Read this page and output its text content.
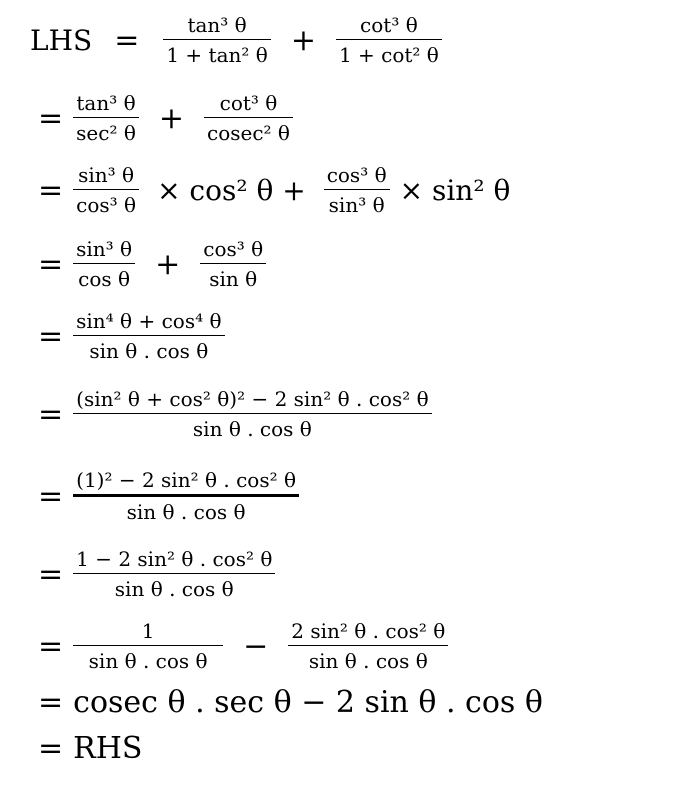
LHS = $\frac{\text{tan³ θ}}{\text{1 + tan² θ}} + \frac{\text{cot³ θ}}{\text{1 + cot² θ}}$
= $\frac{\text{tan³ θ}}{\text{sec² θ}} + \frac{\text{cot³ θ}}{\text{cosec² θ}}$
= $\frac{\text{sin³ θ}}{\text{cos³ θ}} \times \cos^2$ $\theta + \frac{\text{cos³ θ}}{\text{sin³ θ}} \times \sin^2$ θ
= $\frac{\text{sin³ θ}}{\text{cos θ}} + \frac{\text{cos³ θ}}{\text{sin θ}}$
= $\frac{\text{sin⁴ θ + cos⁴ θ}}{\text{sin θ . cos θ}}$
= $\frac{\text{(sin² θ + cos² θ)² − 2 sin² θ . cos² θ}}{\text{sin θ . cos θ}}$
= $\frac{\text{(1)² − 2 sin² θ . cos² θ}}{\text{sin θ . cos θ}}$
= $\frac{\text{1 − 2 sin² θ . cos² θ}}{\text{sin θ . cos θ}}$
= $\frac{1}{\text{sin θ . cos θ}} - \frac{\text{2 sin² θ . cos² θ}}{\text{sin θ . cos θ}}$
= cosec θ . sec θ − 2 sin θ . cos θ
= RHS
